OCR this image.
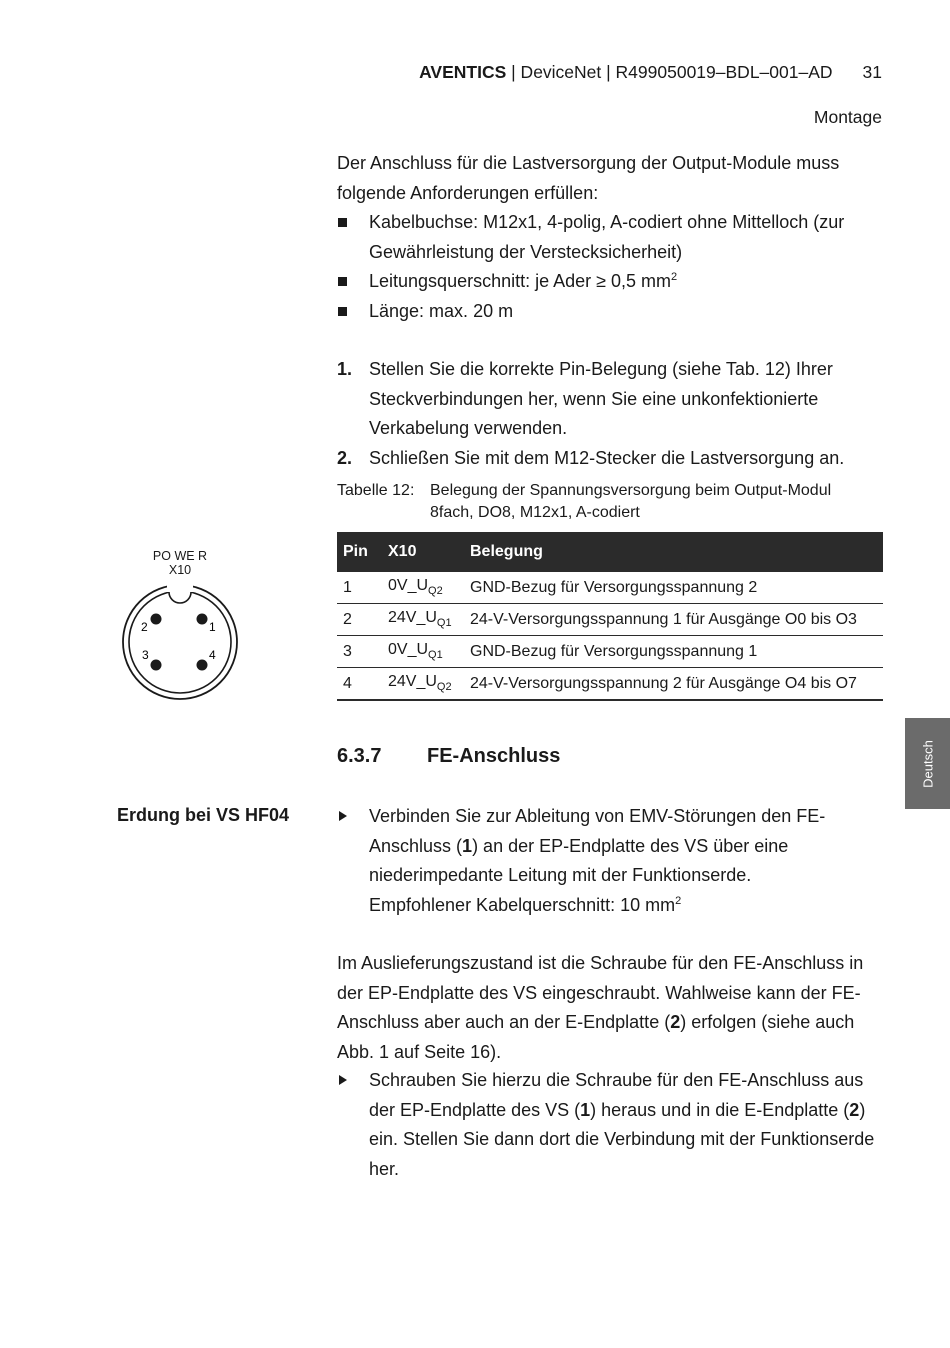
AVENTICS | DeviceNet | R499050019–BDL–001–AD 31
Montage
Der Anschluss für die Lastversorgung der Output-Module muss folgende Anforderungen erfüllen:
Kabelbuchse: M12x1, 4-polig, A-codiert ohne Mittelloch (zur Gewährleistung der Verstecksicherheit)
Leitungsquerschnitt: je Ader ≥ 0,5 $mm^2$
Länge: max. 20 m
1. Stellen Sie die korrekte Pin-Belegung (siehe Tab. 12) Ihrer Steckverbindungen her, wenn Sie eine unkonfektionierte Verkabelung verwenden.
2. Schließen Sie mit dem M12-Stecker die Lastversorgung an.
Tabelle 12: Belegung der Spannungsversorgung beim Output-Modul
8fach, DO8, M12x1, A-codiert
Pin	X10	Belegung
1	$0V\_U_{Q2}$	GND-Bezug für Versorgungsspannung 2
2	$24V\_U_{Q1}$	24-V-Versorgungsspannung 1 für Ausgänge O0 bis O3
3	$0V\_U_{Q1}$	GND-Bezug für Versorgungsspannung 1
4	$24V\_U_{Q2}$	24-V-Versorgungsspannung 2 für Ausgänge O4 bis O7
PO WE R
X10
2	1
3	4
6.3.7 FE-Anschluss
Erdung bei VS HF04	Verbinden Sie zur Ableitung von EMV-Störungen den FE-Anschluss (1) an der EP-Endplatte des VS über eine niederimpedante Leitung mit der Funktionserde.
Empfohlener Kabelquerschnitt: 10 $mm^2$
Im Auslieferungszustand ist die Schraube für den FE-Anschluss in der EP-Endplatte des VS eingeschraubt. Wahlweise kann der FE-Anschluss aber auch an der E-Endplatte (2) erfolgen (siehe auch Abb. 1 auf Seite 16).
Schrauben Sie hierzu die Schraube für den FE-Anschluss aus der EP-Endplatte des VS (1) heraus und in die E-Endplatte (2) ein. Stellen Sie dann dort die Verbindung mit der Funktionserde her.
Deutsch
